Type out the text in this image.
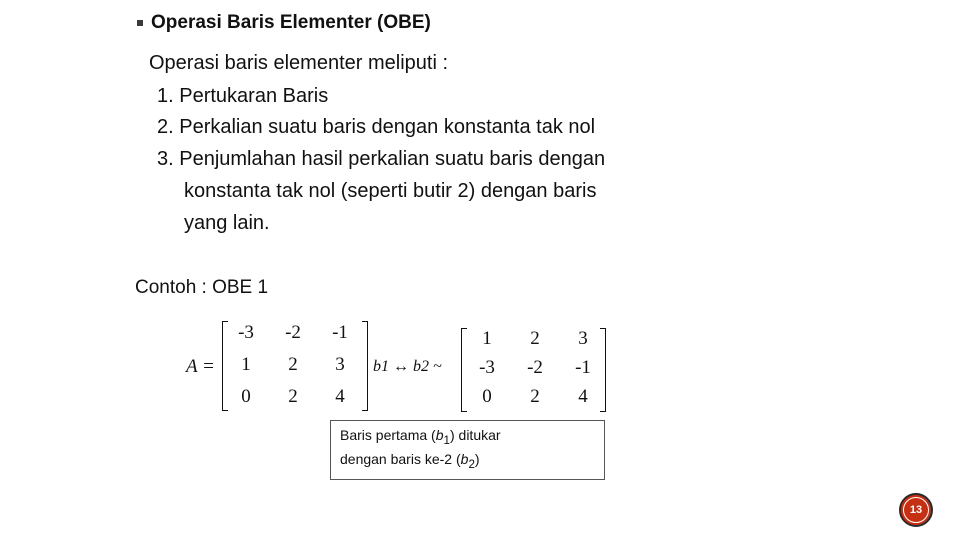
Operasi Baris Elementer (OBE)
Operasi baris elementer meliputi :
1. Pertukaran Baris
2. Perkalian suatu baris dengan konstanta tak nol
3. Penjumlahan hasil perkalian suatu baris dengan
konstanta tak nol (seperti butir 2) dengan baris
yang lain.
Contoh : OBE 1
A =
-3	-2	-1
1	2	3
0	2	4
b1 ↔ b2 ~
1	2	3
-3	-2	-1
0	2	4
Baris pertama $(b_1)$ ditukar
dengan baris ke-2 $(b_2)$
13
